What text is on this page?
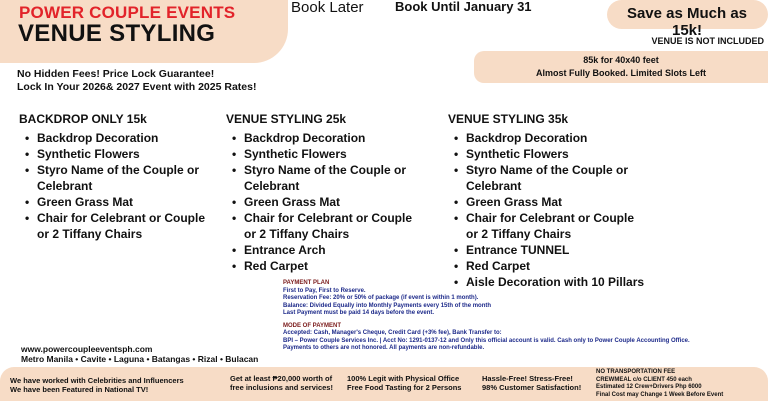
POWER COUPLE EVENTS
VENUE STYLING
Book Later Book Until January 31	Save as Much as 15k!
VENUE IS NOT INCLUDED
85k for 40x40 feet
Almost Fully Booked. Limited Slots Left
No Hidden Fees! Price Lock Guarantee!
Lock In Your 2026& 2027 Event with 2025 Rates!
BACKDROP ONLY 15k
• Backdrop Decoration
• Synthetic Flowers
• Styro Name of the Couple or Celebrant
• Green Grass Mat
• Chair for Celebrant or Couple or 2 Tiffany Chairs
VENUE STYLING 25k
• Backdrop Decoration
• Synthetic Flowers
• Styro Name of the Couple or Celebrant
• Green Grass Mat
• Chair for Celebrant or Couple or 2 Tiffany Chairs
• Entrance Arch
• Red Carpet
VENUE STYLING 35k
• Backdrop Decoration
• Synthetic Flowers
• Styro Name of the Couple or Celebrant
• Green Grass Mat
• Chair for Celebrant or Couple or 2 Tiffany Chairs
• Entrance TUNNEL
• Red Carpet
• Aisle Decoration with 10 Pillars
PAYMENT PLAN
First to Pay, First to Reserve.
Reservation Fee: 20% or 50% of package (if event is within 1 month).
Balance: Divided Equally into Monthly Payments every 15th of the month
Last Payment must be paid 14 days before the event.
MODE OF PAYMENT
Accepted: Cash, Manager's Cheque, Credit Card (+3% fee), Bank Transfer to:
BPI – Power Couple Services Inc. | Acct No: 1291-0137-12 and Only this official account is valid. Cash only to Power Couple Accounting Office.
Payments to others are not honored. All payments are non-refundable.
www.powercoupleeventsph.com
Metro Manila • Cavite • Laguna • Batangas • Rizal • Bulacan
We have worked with Celebrities and Influencers
We have been Featured in National TV!
Get at least ₱20,000 worth of
free inclusions and services!
100% Legit with Physical Office
Free Food Tasting for 2 Persons
Hassle-Free! Stress-Free!
98% Customer Satisfaction!
NO TRANSPORTATION FEE
CREWMEAL c/o CLIENT 450 each
Estimated 12 Crew+Drivers Php 6000
Final Cost may Change 1 Week Before Event
